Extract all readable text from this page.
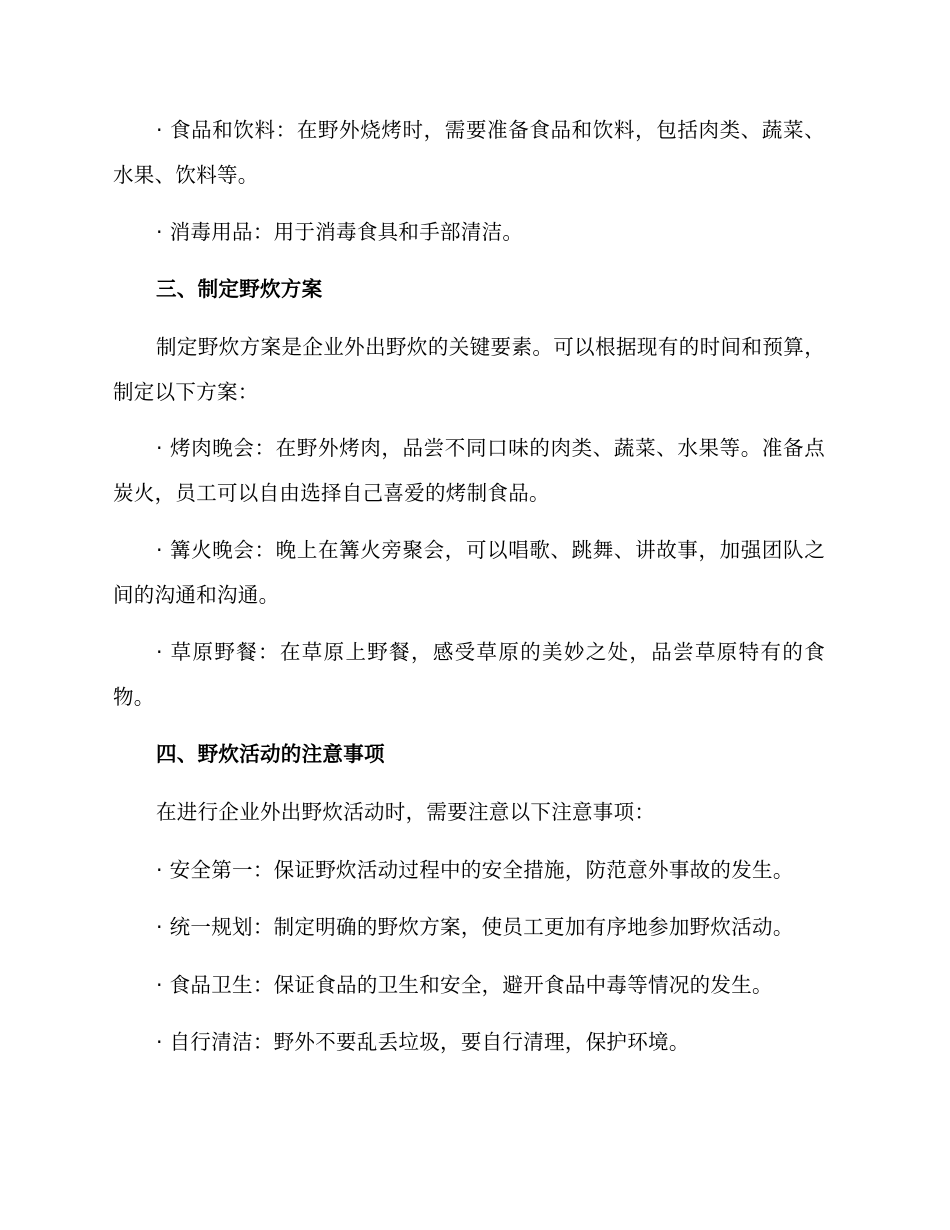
· 食品和饮料：在野外烧烤时，需要准备食品和饮料，包括肉类、蔬菜、水果、饮料等。

· 消毒用品：用于消毒食具和手部清洁。

三、制定野炊方案

制定野炊方案是企业外出野炊的关键要素。可以根据现有的时间和预算，制定以下方案：

· 烤肉晚会：在野外烤肉，品尝不同口味的肉类、蔬菜、水果等。准备点炭火，员工可以自由选择自己喜爱的烤制食品。

· 篝火晚会：晚上在篝火旁聚会，可以唱歌、跳舞、讲故事，加强团队之间的沟通和沟通。

· 草原野餐：在草原上野餐，感受草原的美妙之处，品尝草原特有的食物。

四、野炊活动的注意事项

在进行企业外出野炊活动时，需要注意以下注意事项：

· 安全第一：保证野炊活动过程中的安全措施，防范意外事故的发生。

· 统一规划：制定明确的野炊方案，使员工更加有序地参加野炊活动。

· 食品卫生：保证食品的卫生和安全，避开食品中毒等情况的发生。

· 自行清洁：野外不要乱丢垃圾，要自行清理，保护环境。
